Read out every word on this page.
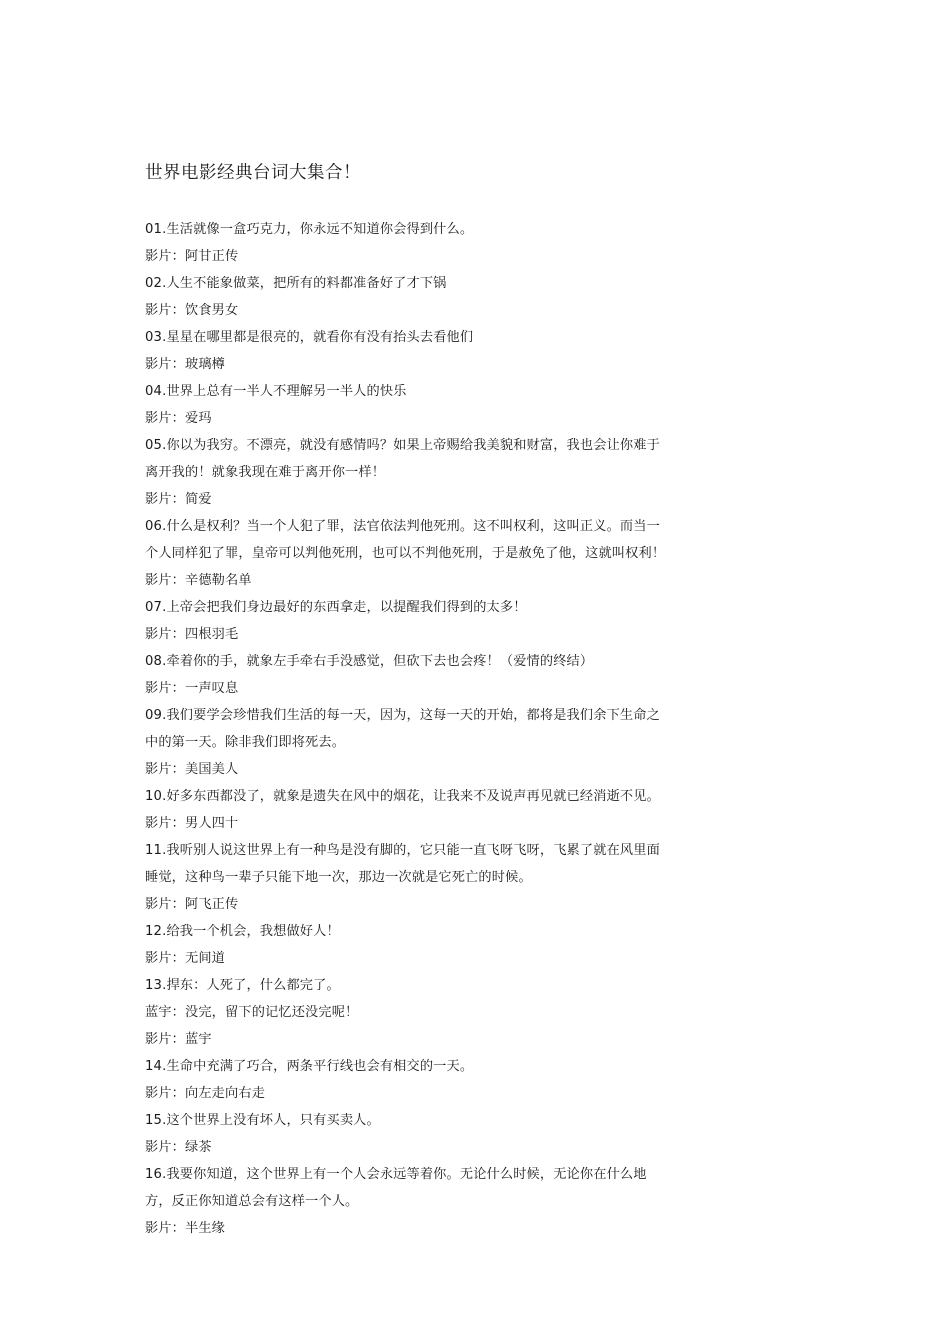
世界电影经典台词大集合！

01.生活就像一盒巧克力，你永远不知道你会得到什么。

影片：阿甘正传

02.人生不能象做菜，把所有的料都准备好了才下锅

影片：饮食男女

03.星星在哪里都是很亮的，就看你有没有抬头去看他们

影片：玻璃樽

04.世界上总有一半人不理解另一半人的快乐

影片：爱玛

05.你以为我穷。不漂亮，就没有感情吗？如果上帝赐给我美貌和财富，我也会让你难于

离开我的！就象我现在难于离开你一样！

影片：简爱

06.什么是权利？当一个人犯了罪，法官依法判他死刑。这不叫权利，这叫正义。而当一

个人同样犯了罪，皇帝可以判他死刑，也可以不判他死刑，于是赦免了他，这就叫权利！

影片：辛德勒名单

07.上帝会把我们身边最好的东西拿走，以提醒我们得到的太多！

影片：四根羽毛

08.牵着你的手，就象左手牵右手没感觉，但砍下去也会疼！（爱情的终结）

影片：一声叹息

09.我们要学会珍惜我们生活的每一天，因为，这每一天的开始，都将是我们余下生命之

中的第一天。除非我们即将死去。

影片：美国美人

10.好多东西都没了，就象是遗失在风中的烟花，让我来不及说声再见就已经消逝不见。

影片：男人四十

11.我听别人说这世界上有一种鸟是没有脚的，它只能一直飞呀飞呀，飞累了就在风里面

睡觉，这种鸟一辈子只能下地一次，那边一次就是它死亡的时候。

影片：阿飞正传

12.给我一个机会，我想做好人！

影片：无间道

13.捍东：人死了，什么都完了。

蓝宇：没完，留下的记忆还没完呢！

影片：蓝宇

14.生命中充满了巧合，两条平行线也会有相交的一天。

影片：向左走向右走

15.这个世界上没有坏人，只有买卖人。

影片：绿茶

16.我要你知道，这个世界上有一个人会永远等着你。无论什么时候，无论你在什么地

方，反正你知道总会有这样一个人。

影片：半生缘
